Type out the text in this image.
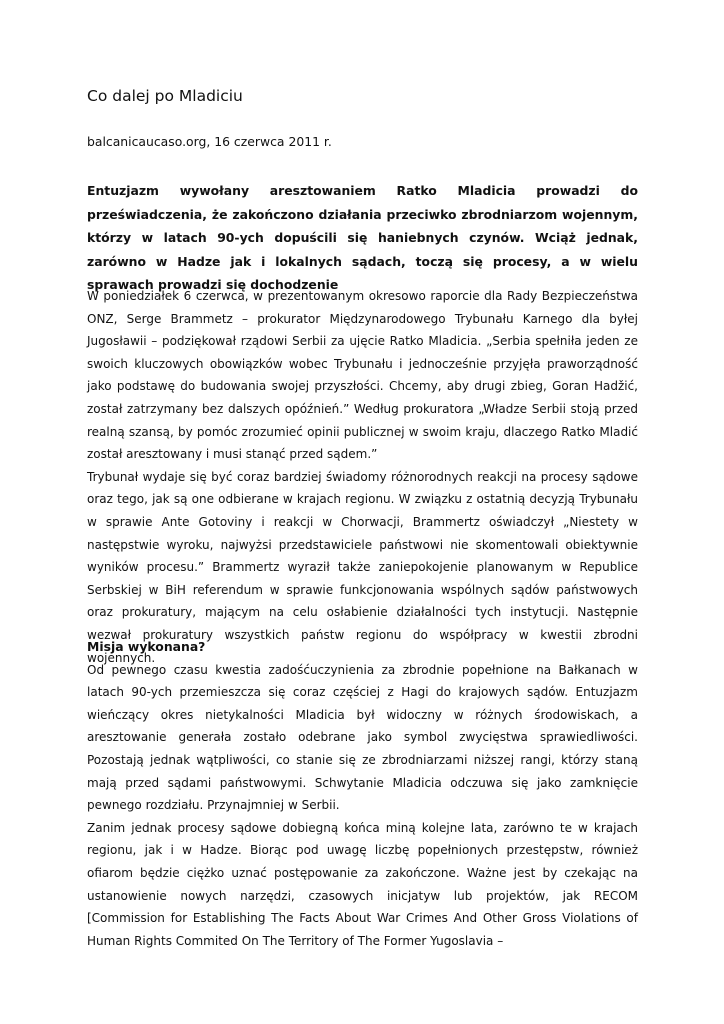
Co dalej po Mladiciu

balcanicaucaso.org, 16 czerwca 2011 r.

Entuzjazm wywołany aresztowaniem Ratko Mladicia prowadzi do przeświadczenia, że zakończono działania przeciwko zbrodniarzom wojennym, którzy w latach 90-ych dopuścili się haniebnych czynów. Wciąż jednak, zarówno w Hadze jak i lokalnych sądach, toczą się procesy, a w wielu sprawach prowadzi się dochodzenie

W poniedziałek 6 czerwca, w prezentowanym okresowo raporcie dla Rady Bezpieczeństwa ONZ, Serge Brammetz – prokurator Międzynarodowego Trybunału Karnego dla byłej Jugosławii – podziękował rządowi Serbii za ujęcie Ratko Mladicia. „Serbia spełniła jeden ze swoich kluczowych obowiązków wobec Trybunału i jednocześnie przyjęła praworządność jako podstawę do budowania swojej przyszłości. Chcemy, aby drugi zbieg, Goran Hadžić, został zatrzymany bez dalszych opóźnień.” Według prokuratora „Władze Serbii stoją przed realną szansą, by pomóc zrozumieć opinii publicznej w swoim kraju, dlaczego Ratko Mladić został aresztowany i musi stanąć przed sądem.”

Trybunał wydaje się być coraz bardziej świadomy różnorodnych reakcji na procesy sądowe oraz tego, jak są one odbierane w krajach regionu. W związku z ostatnią decyzją Trybunału w sprawie Ante Gotoviny i reakcji w Chorwacji, Brammertz oświadczył „Niestety w następstwie wyroku, najwyżsi przedstawiciele państwowi nie skomentowali obiektywnie wyników procesu.” Brammertz wyraził także zaniepokojenie planowanym w Republice Serbskiej w BiH referendum w sprawie funkcjonowania wspólnych sądów państwowych oraz prokuratury, mającym na celu osłabienie działalności tych instytucji. Następnie wezwał prokuratury wszystkich państw regionu do współpracy w kwestii zbrodni wojennych.

Misja wykonana?

Od pewnego czasu kwestia zadośćuczynienia za zbrodnie popełnione na Bałkanach w latach 90-ych przemieszcza się coraz częściej z Hagi do krajowych sądów. Entuzjazm wieńczący okres nietykalności Mladicia był widoczny w różnych środowiskach, a aresztowanie generała zostało odebrane jako symbol zwycięstwa sprawiedliwości. Pozostają jednak wątpliwości, co stanie się ze zbrodniarzami niższej rangi, którzy staną mają przed sądami państwowymi. Schwytanie Mladicia odczuwa się jako zamknięcie pewnego rozdziału. Przynajmniej w Serbii.

Zanim jednak procesy sądowe dobiegną końca miną kolejne lata, zarówno te w krajach regionu, jak i w Hadze. Biorąc pod uwagę liczbę popełnionych przestępstw, również ofiarom będzie ciężko uznać postępowanie za zakończone. Ważne jest by czekając na ustanowienie nowych narzędzi, czasowych inicjatyw lub projektów, jak RECOM [Commission for Establishing The Facts About War Crimes And Other Gross Violations of Human Rights Commited On The Territory of The Former Yugoslavia –
